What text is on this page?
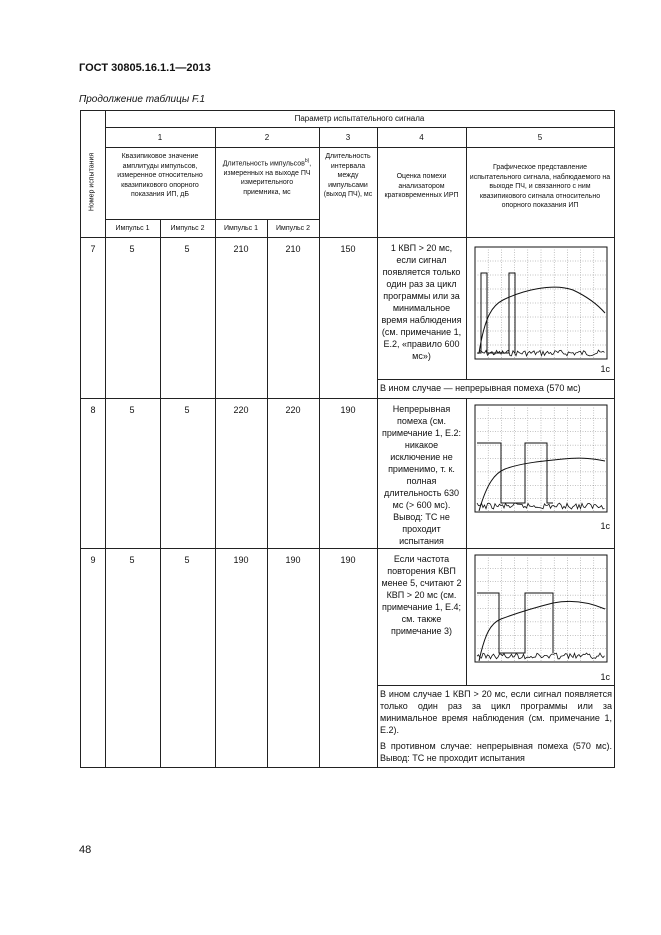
ГОСТ 30805.16.1.1—2013
Продолжение таблицы F.1
Номер испытания
Параметр испытательного сигнала
1	2	3	4	5
Квазипиковое значение амплитуды импульсов, измеренное относительно квазипикового опорного показания ИП, дБ
Длительность импульсов$^{b)}$, измеренных на выходе ПЧ измерительного приемника, мс
Длительность интервала между импульсами (выход ПЧ), мс
Оценка помехи анализатором кратковременных ИРП
Графическое представление испытательного сигнала, наблюдаемого на выходе ПЧ, и связанного с ним квазипикового сигнала относительно опорного показания ИП
Импульс 1	Импульс 2	Импульс 1	Импульс 2
7	5	5	210	210	150	1 КВП > 20 мс, если сигнал появляется только один раз за цикл программы или за минимальное время наблюдения (см. примечание 1, Е.2, «правило 600 мс»)
1с
В ином случае — непрерывная помеха (570 мс)
8	5	5	220	220	190	Непрерывная помеха (см. примечание 1, Е.2: никакое исключение не применимо, т. к. полная длительность 630 мс (> 600 мс). Вывод: ТС не проходит испытания
1с
9	5	5	190	190	190	Если частота повторения КВП менее 5, считают 2 КВП > 20 мс (см. примечание 1, Е.4; см. также примечание 3)
1с
В ином случае 1 КВП > 20 мс, если сигнал появляется только один раз за цикл программы или за минимальное время наблюдения (см. примечание 1, Е.2).
В противном случае: непрерывная помеха (570 мс). Вывод: ТС не проходит испытания
48
